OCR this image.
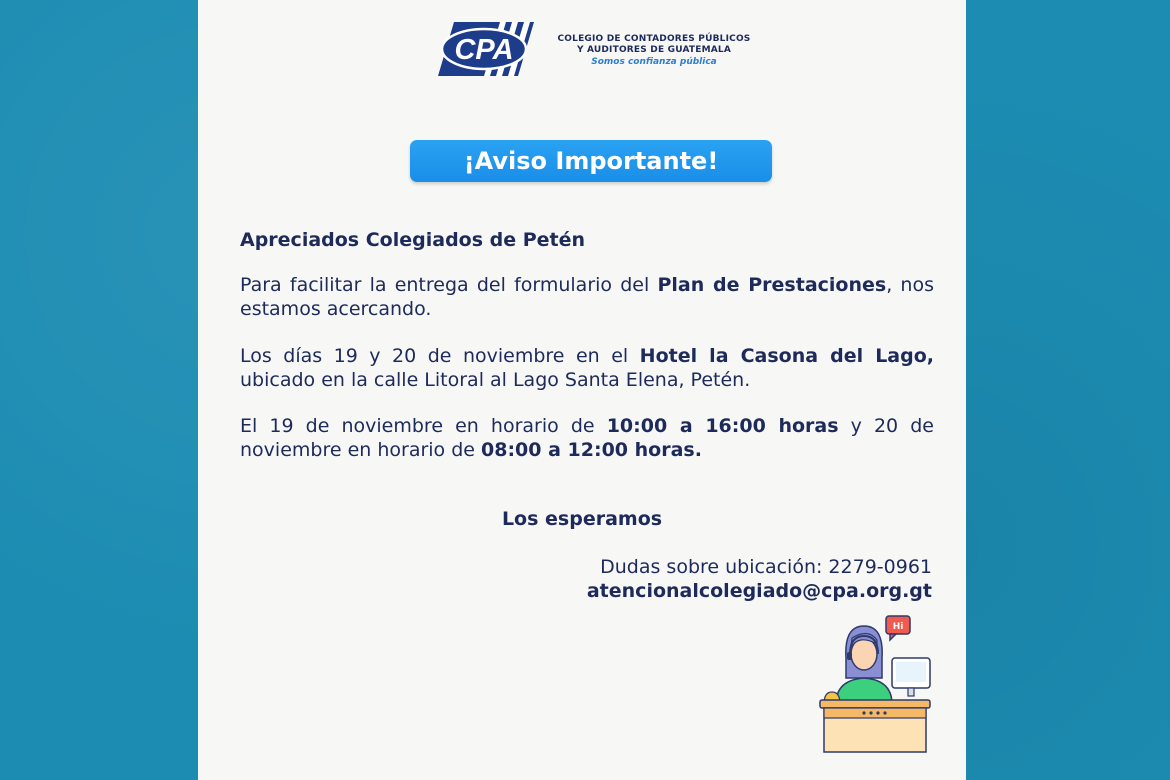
CPA	COLEGIO DE CONTADORES PÚBLICOS
Y AUDITORES DE GUATEMALA
Somos confianza pública
¡Aviso Importante!
Apreciados Colegiados de Petén
Para facilitar la entrega del formulario del Plan de Prestaciones, nos estamos acercando.
Los días 19 y 20 de noviembre en el Hotel la Casona del Lago, ubicado en la calle Litoral al Lago Santa Elena, Petén.
El 19 de noviembre en horario de 10:00 a 16:00 horas y 20 de noviembre en horario de 08:00 a 12:00 horas.
Los esperamos
Dudas sobre ubicación: 2279-0961
atencionalcolegiado@cpa.org.gt
Hi
